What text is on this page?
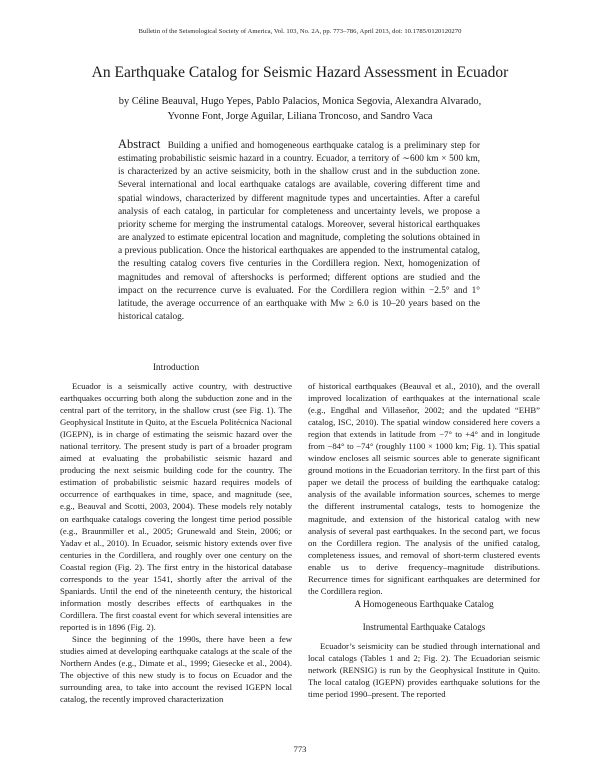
Bulletin of the Seismological Society of America, Vol. 103, No. 2A, pp. 773–786, April 2013, doi: 10.1785/0120120270
An Earthquake Catalog for Seismic Hazard Assessment in Ecuador
by Céline Beauval, Hugo Yepes, Pablo Palacios, Monica Segovia, Alexandra Alvarado,
Yvonne Font, Jorge Aguilar, Liliana Troncoso, and Sandro Vaca
Abstract Building a unified and homogeneous earthquake catalog is a preliminary step for estimating probabilistic seismic hazard in a country. Ecuador, a territory of ∼600 km × 500 km, is characterized by an active seismicity, both in the shallow crust and in the subduction zone. Several international and local earthquake catalogs are available, covering different time and spatial windows, characterized by different magnitude types and uncertainties. After a careful analysis of each catalog, in particular for completeness and uncertainty levels, we propose a priority scheme for merging the instrumental catalogs. Moreover, several historical earthquakes are analyzed to estimate epicentral location and magnitude, completing the solutions obtained in a previous publication. Once the historical earthquakes are appended to the instrumental catalog, the resulting catalog covers five centuries in the Cordillera region. Next, homogenization of magnitudes and removal of aftershocks is performed; different options are studied and the impact on the recurrence curve is evaluated. For the Cordillera region within −2.5° and 1° latitude, the average occurrence of an earthquake with Mw ≥ 6.0 is 10–20 years based on the historical catalog.
Introduction

Ecuador is a seismically active country, with destructive earthquakes occurring both along the subduction zone and in the central part of the territory, in the shallow crust (see Fig. 1). The Geophysical Institute in Quito, at the Escuela Politécnica Nacional (IGEPN), is in charge of estimating the seismic hazard over the national territory. The present study is part of a broader program aimed at evaluating the probabilistic seismic hazard and producing the next seismic building code for the country. The estimation of probabilistic seismic hazard requires models of occurrence of earthquakes in time, space, and magnitude (see, e.g., Beauval and Scotti, 2003, 2004). These models rely notably on earthquake catalogs covering the longest time period possible (e.g., Braunmiller et al., 2005; Grunewald and Stein, 2006; or Yadav et al., 2010). In Ecuador, seismic history extends over five centuries in the Cordillera, and roughly over one century on the Coastal region (Fig. 2). The first entry in the historical database corresponds to the year 1541, shortly after the arrival of the Spaniards. Until the end of the nineteenth century, the historical information mostly describes effects of earthquakes in the Cordillera. The first coastal event for which several intensities are reported is in 1896 (Fig. 2).

Since the beginning of the 1990s, there have been a few studies aimed at developing earthquake catalogs at the scale of the Northern Andes (e.g., Dimate et al., 1999; Giesecke et al., 2004). The objective of this new study is to focus on Ecuador and the surrounding area, to take into account the revised IGEPN local catalog, the recently improved characterization

of historical earthquakes (Beauval et al., 2010), and the overall improved localization of earthquakes at the international scale (e.g., Engdhal and Villaseñor, 2002; and the updated “EHB” catalog, ISC, 2010). The spatial window considered here covers a region that extends in latitude from −7° to +4° and in longitude from −84° to −74° (roughly 1100 × 1000 km; Fig. 1). This spatial window encloses all seismic sources able to generate significant ground motions in the Ecuadorian territory. In the first part of this paper we detail the process of building the earthquake catalog: analysis of the available information sources, schemes to merge the different instrumental catalogs, tests to homogenize the magnitude, and extension of the historical catalog with new analysis of several past earthquakes. In the second part, we focus on the Cordillera region. The analysis of the unified catalog, completeness issues, and removal of short-term clustered events enable us to derive frequency–magnitude distributions. Recurrence times for significant earthquakes are determined for the Cordillera region.

A Homogeneous Earthquake Catalog
Instrumental Earthquake Catalogs

Ecuador’s seismicity can be studied through international and local catalogs (Tables 1 and 2; Fig. 2). The Ecuadorian seismic network (RENSIG) is run by the Geophysical Institute in Quito. The local catalog (IGEPN) provides earthquake solutions for the time period 1990–present. The reported

773
